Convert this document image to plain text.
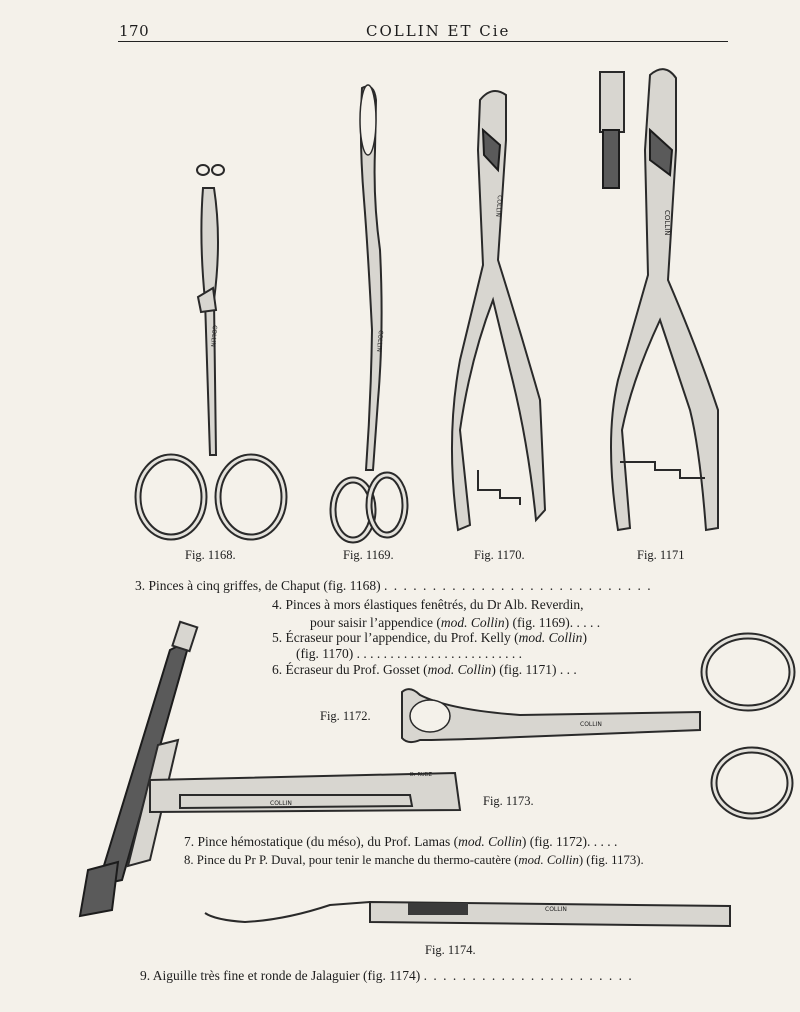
170	COLLIN ET Cie
COLLIN	COLLIN
COLLIN
COLLIN
COLLIN
Dr RUDZ
COLLIN
COLLIN
Fig. 1168.	Fig. 1169.	Fig. 1170.	Fig. 1171
Fig. 1172.
Fig. 1173.
Fig. 1174.
3. Pinces à cinq griffes, de Chaput (fig. 1168) . . . . . . . . . . . . . . . . . . . . . . . . . . . .
4. Pinces à mors élastiques fenêtrés, du Dr Alb. Reverdin,
pour saisir l’appendice (mod. Collin) (fig. 1169). . . . .
5. Écraseur pour l’appendice, du Prof. Kelly (mod. Collin)
(fig. 1170) . . . . . . . . . . . . . . . . . . . . . . . . .
6. Écraseur du Prof. Gosset (mod. Collin) (fig. 1171) . . .
7. Pince hémostatique (du méso), du Prof. Lamas (mod. Collin) (fig. 1172). . . . .
8. Pince du Pr P. Duval, pour tenir le manche du thermo-cautère (mod. Collin) (fig. 1173).
9. Aiguille très fine et ronde de Jalaguier (fig. 1174) . . . . . . . . . . . . . . . . . . . . . .
